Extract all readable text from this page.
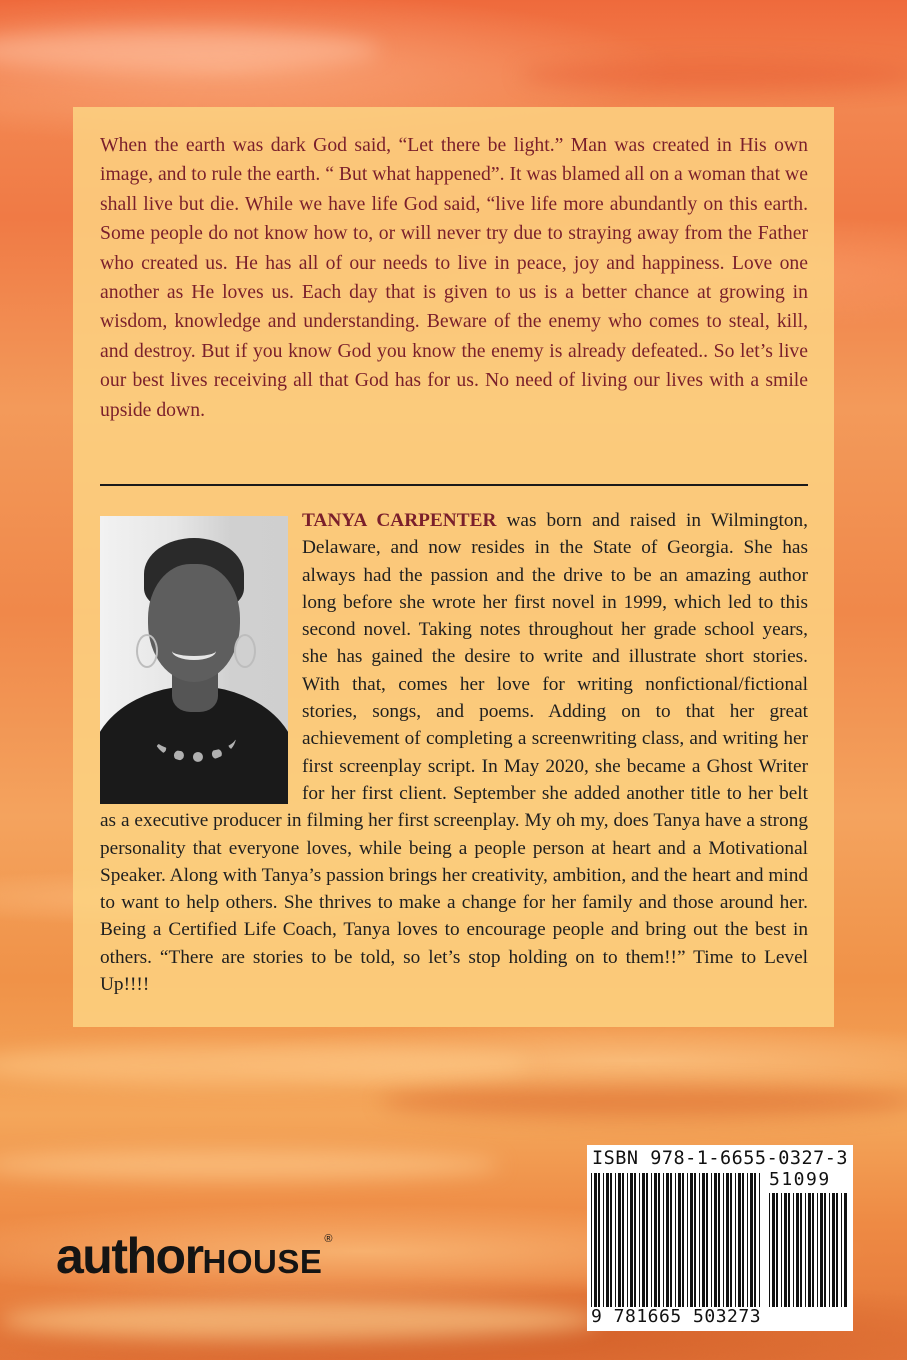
When the earth was dark God said, “Let there be light.” Man was created in His own image, and to rule the earth. “ But what happened”. It was blamed all on a woman that we shall live but die. While we have life God said, “live life more abundantly on this earth. Some people do not know how to, or will never try due to straying away from the Father who created us. He has all of our needs to live in peace, joy and happiness. Love one another as He loves us. Each day that is given to us is a better chance at growing in wisdom, knowledge and understanding. Beware of the enemy who comes to steal, kill, and destroy. But if you know God you know the enemy is already defeated.. So let’s live our best lives receiving all that God has for us. No need of living our lives with a smile upside down.

TANYA CARPENTER was born and raised in Wilmington, Delaware, and now resides in the State of Georgia. She has always had the passion and the drive to be an amazing author long before she wrote her first novel in 1999, which led to this second novel. Taking notes throughout her grade school years, she has gained the desire to write and illustrate short stories. With that, comes her love for writing nonfictional/fictional stories, songs, and poems. Adding on to that her great achievement of completing a screenwriting class, and writing her first screenplay script. In May 2020, she became a Ghost Writer for her first client. September she added another title to her belt as a executive producer in filming her first screenplay. My oh my, does Tanya have a strong personality that everyone loves, while being a people person at heart and a Motivational Speaker. Along with Tanya’s passion brings her creativity, ambition, and the heart and mind to want to help others. She thrives to make a change for her family and those around her. Being a Certified Life Coach, Tanya loves to encourage people and bring out the best in others. “There are stories to be told, so let’s stop holding on to them!!” Time to Level Up!!!!
authorHOUSE®
ISBN 978-1-6655-0327-3
51099
9 781665 503273
